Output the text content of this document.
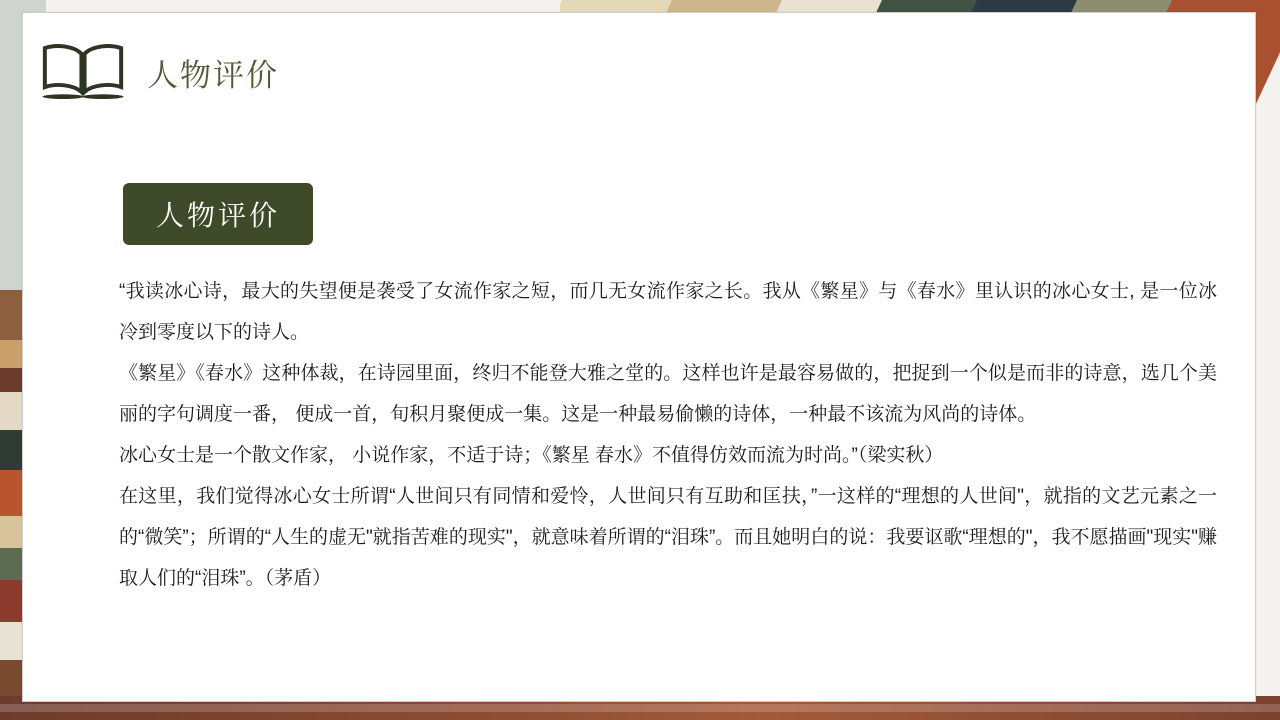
人物评价
人物评价

“我读冰心诗，最大的失望便是袭受了女流作家之短，而几无女流作家之长。我从《繁星》与《春水》里认识的冰心女士, 是一位冰冷到零度以下的诗人。

《繁星》《春水》这种体裁，在诗园里面，终归不能登大雅之堂的。这样也许是最容易做的，把捉到一个似是而非的诗意，选几个美丽的字句调度一番， 便成一首，旬积月聚便成一集。这是一种最易偷懒的诗体，一种最不该流为风尚的诗体。

冰心女士是一个散文作家， 小说作家，不适于诗；《繁星 春水》不值得仿效而流为时尚。”（梁实秋）

在这里，我们觉得冰心女士所谓“人世间只有同情和爱怜，人世间只有互助和匡扶，”一这样的“理想的人世间"，就指的文艺元素之一的“微笑”；所谓的“人生的虚无"就指苦难的现实"，就意味着所谓的“泪珠”。而且她明白的说：我要讴歌“理想的"，我不愿描画"现实"赚取人们的“泪珠”。（茅盾）
